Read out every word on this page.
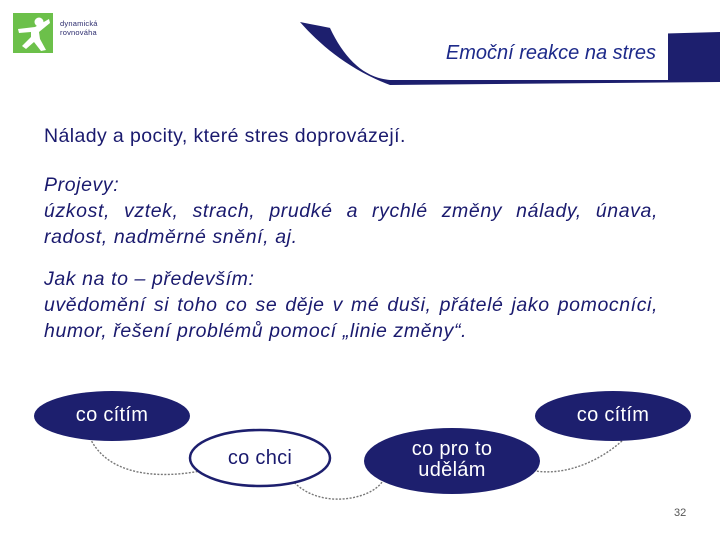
dynamická
rovnováha
Emoční reakce na stres
Nálady a pocity, které stres doprovázejí.
Projevy:
úzkost, vztek, strach, prudké a rychlé změny nálady, únava, radost, nadměrné snění, aj.
Jak na to – především:
uvědomění si toho co se děje v mé duši, přátelé jako pomocníci, humor, řešení problémů pomocí „linie změny“.
co cítím
co chci	co pro to udělám
co cítím
32
